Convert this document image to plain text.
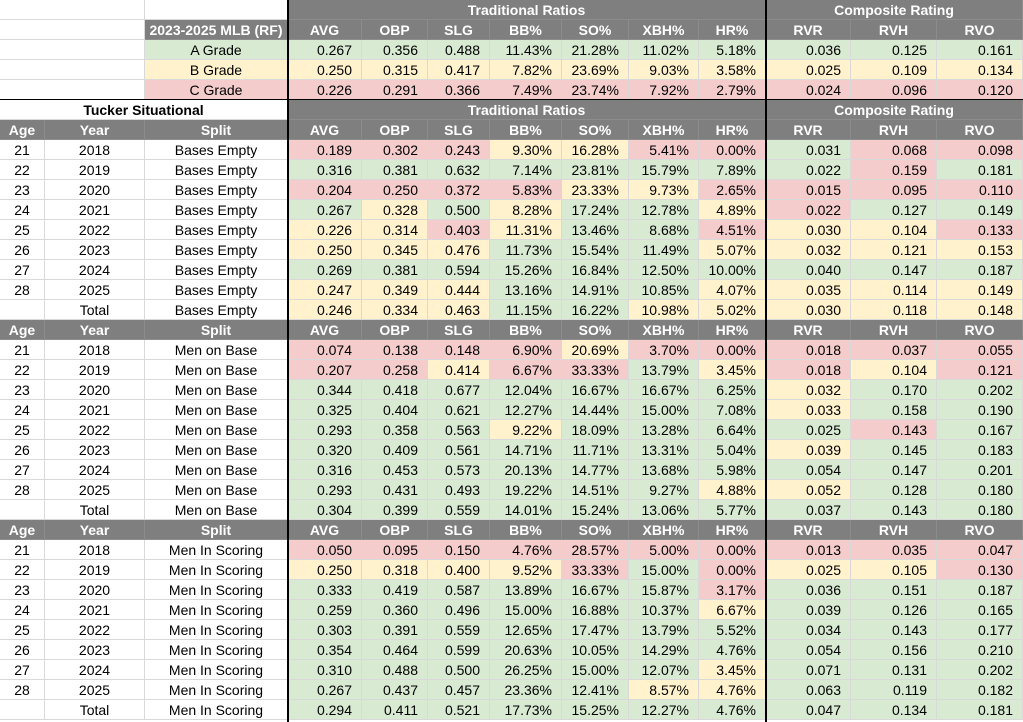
Traditional Ratios	Composite Rating
2023-2025 MLB (RF)	AVG	OBP	SLG	BB%	SO%	XBH%	HR%	RVR	RVH	RVO
A Grade	0.267	0.356	0.488	11.43%	21.28%	11.02%	5.18%	0.036	0.125	0.161
B Grade	0.250	0.315	0.417	7.82%	23.69%	9.03%	3.58%	0.025	0.109	0.134
C Grade	0.226	0.291	0.366	7.49%	23.74%	7.92%	2.79%	0.024	0.096	0.120
Tucker Situational	Traditional Ratios	Composite Rating
Age	Year	Split	AVG	OBP	SLG	BB%	SO%	XBH%	HR%	RVR	RVH	RVO
21	2018	Bases Empty	0.189	0.302	0.243	9.30%	16.28%	5.41%	0.00%	0.031	0.068	0.098
22	2019	Bases Empty	0.316	0.381	0.632	7.14%	23.81%	15.79%	7.89%	0.022	0.159	0.181
23	2020	Bases Empty	0.204	0.250	0.372	5.83%	23.33%	9.73%	2.65%	0.015	0.095	0.110
24	2021	Bases Empty	0.267	0.328	0.500	8.28%	17.24%	12.78%	4.89%	0.022	0.127	0.149
25	2022	Bases Empty	0.226	0.314	0.403	11.31%	13.46%	8.68%	4.51%	0.030	0.104	0.133
26	2023	Bases Empty	0.250	0.345	0.476	11.73%	15.54%	11.49%	5.07%	0.032	0.121	0.153
27	2024	Bases Empty	0.269	0.381	0.594	15.26%	16.84%	12.50%	10.00%	0.040	0.147	0.187
28	2025	Bases Empty	0.247	0.349	0.444	13.16%	14.91%	10.85%	4.07%	0.035	0.114	0.149
Total	Bases Empty	0.246	0.334	0.463	11.15%	16.22%	10.98%	5.02%	0.030	0.118	0.148
Age	Year	Split	AVG	OBP	SLG	BB%	SO%	XBH%	HR%	RVR	RVH	RVO
21	2018	Men on Base	0.074	0.138	0.148	6.90%	20.69%	3.70%	0.00%	0.018	0.037	0.055
22	2019	Men on Base	0.207	0.258	0.414	6.67%	33.33%	13.79%	3.45%	0.018	0.104	0.121
23	2020	Men on Base	0.344	0.418	0.677	12.04%	16.67%	16.67%	6.25%	0.032	0.170	0.202
24	2021	Men on Base	0.325	0.404	0.621	12.27%	14.44%	15.00%	7.08%	0.033	0.158	0.190
25	2022	Men on Base	0.293	0.358	0.563	9.22%	18.09%	13.28%	6.64%	0.025	0.143	0.167
26	2023	Men on Base	0.320	0.409	0.561	14.71%	11.71%	13.31%	5.04%	0.039	0.145	0.183
27	2024	Men on Base	0.316	0.453	0.573	20.13%	14.77%	13.68%	5.98%	0.054	0.147	0.201
28	2025	Men on Base	0.293	0.431	0.493	19.22%	14.51%	9.27%	4.88%	0.052	0.128	0.180
Total	Men on Base	0.304	0.399	0.559	14.01%	15.24%	13.06%	5.77%	0.037	0.143	0.180
Age	Year	Split	AVG	OBP	SLG	BB%	SO%	XBH%	HR%	RVR	RVH	RVO
21	2018	Men In Scoring	0.050	0.095	0.150	4.76%	28.57%	5.00%	0.00%	0.013	0.035	0.047
22	2019	Men In Scoring	0.250	0.318	0.400	9.52%	33.33%	15.00%	0.00%	0.025	0.105	0.130
23	2020	Men In Scoring	0.333	0.419	0.587	13.89%	16.67%	15.87%	3.17%	0.036	0.151	0.187
24	2021	Men In Scoring	0.259	0.360	0.496	15.00%	16.88%	10.37%	6.67%	0.039	0.126	0.165
25	2022	Men In Scoring	0.303	0.391	0.559	12.65%	17.47%	13.79%	5.52%	0.034	0.143	0.177
26	2023	Men In Scoring	0.354	0.464	0.599	20.63%	10.05%	14.29%	4.76%	0.054	0.156	0.210
27	2024	Men In Scoring	0.310	0.488	0.500	26.25%	15.00%	12.07%	3.45%	0.071	0.131	0.202
28	2025	Men In Scoring	0.267	0.437	0.457	23.36%	12.41%	8.57%	4.76%	0.063	0.119	0.182
Total	Men In Scoring	0.294	0.411	0.521	17.73%	15.25%	12.27%	4.76%	0.047	0.134	0.181
